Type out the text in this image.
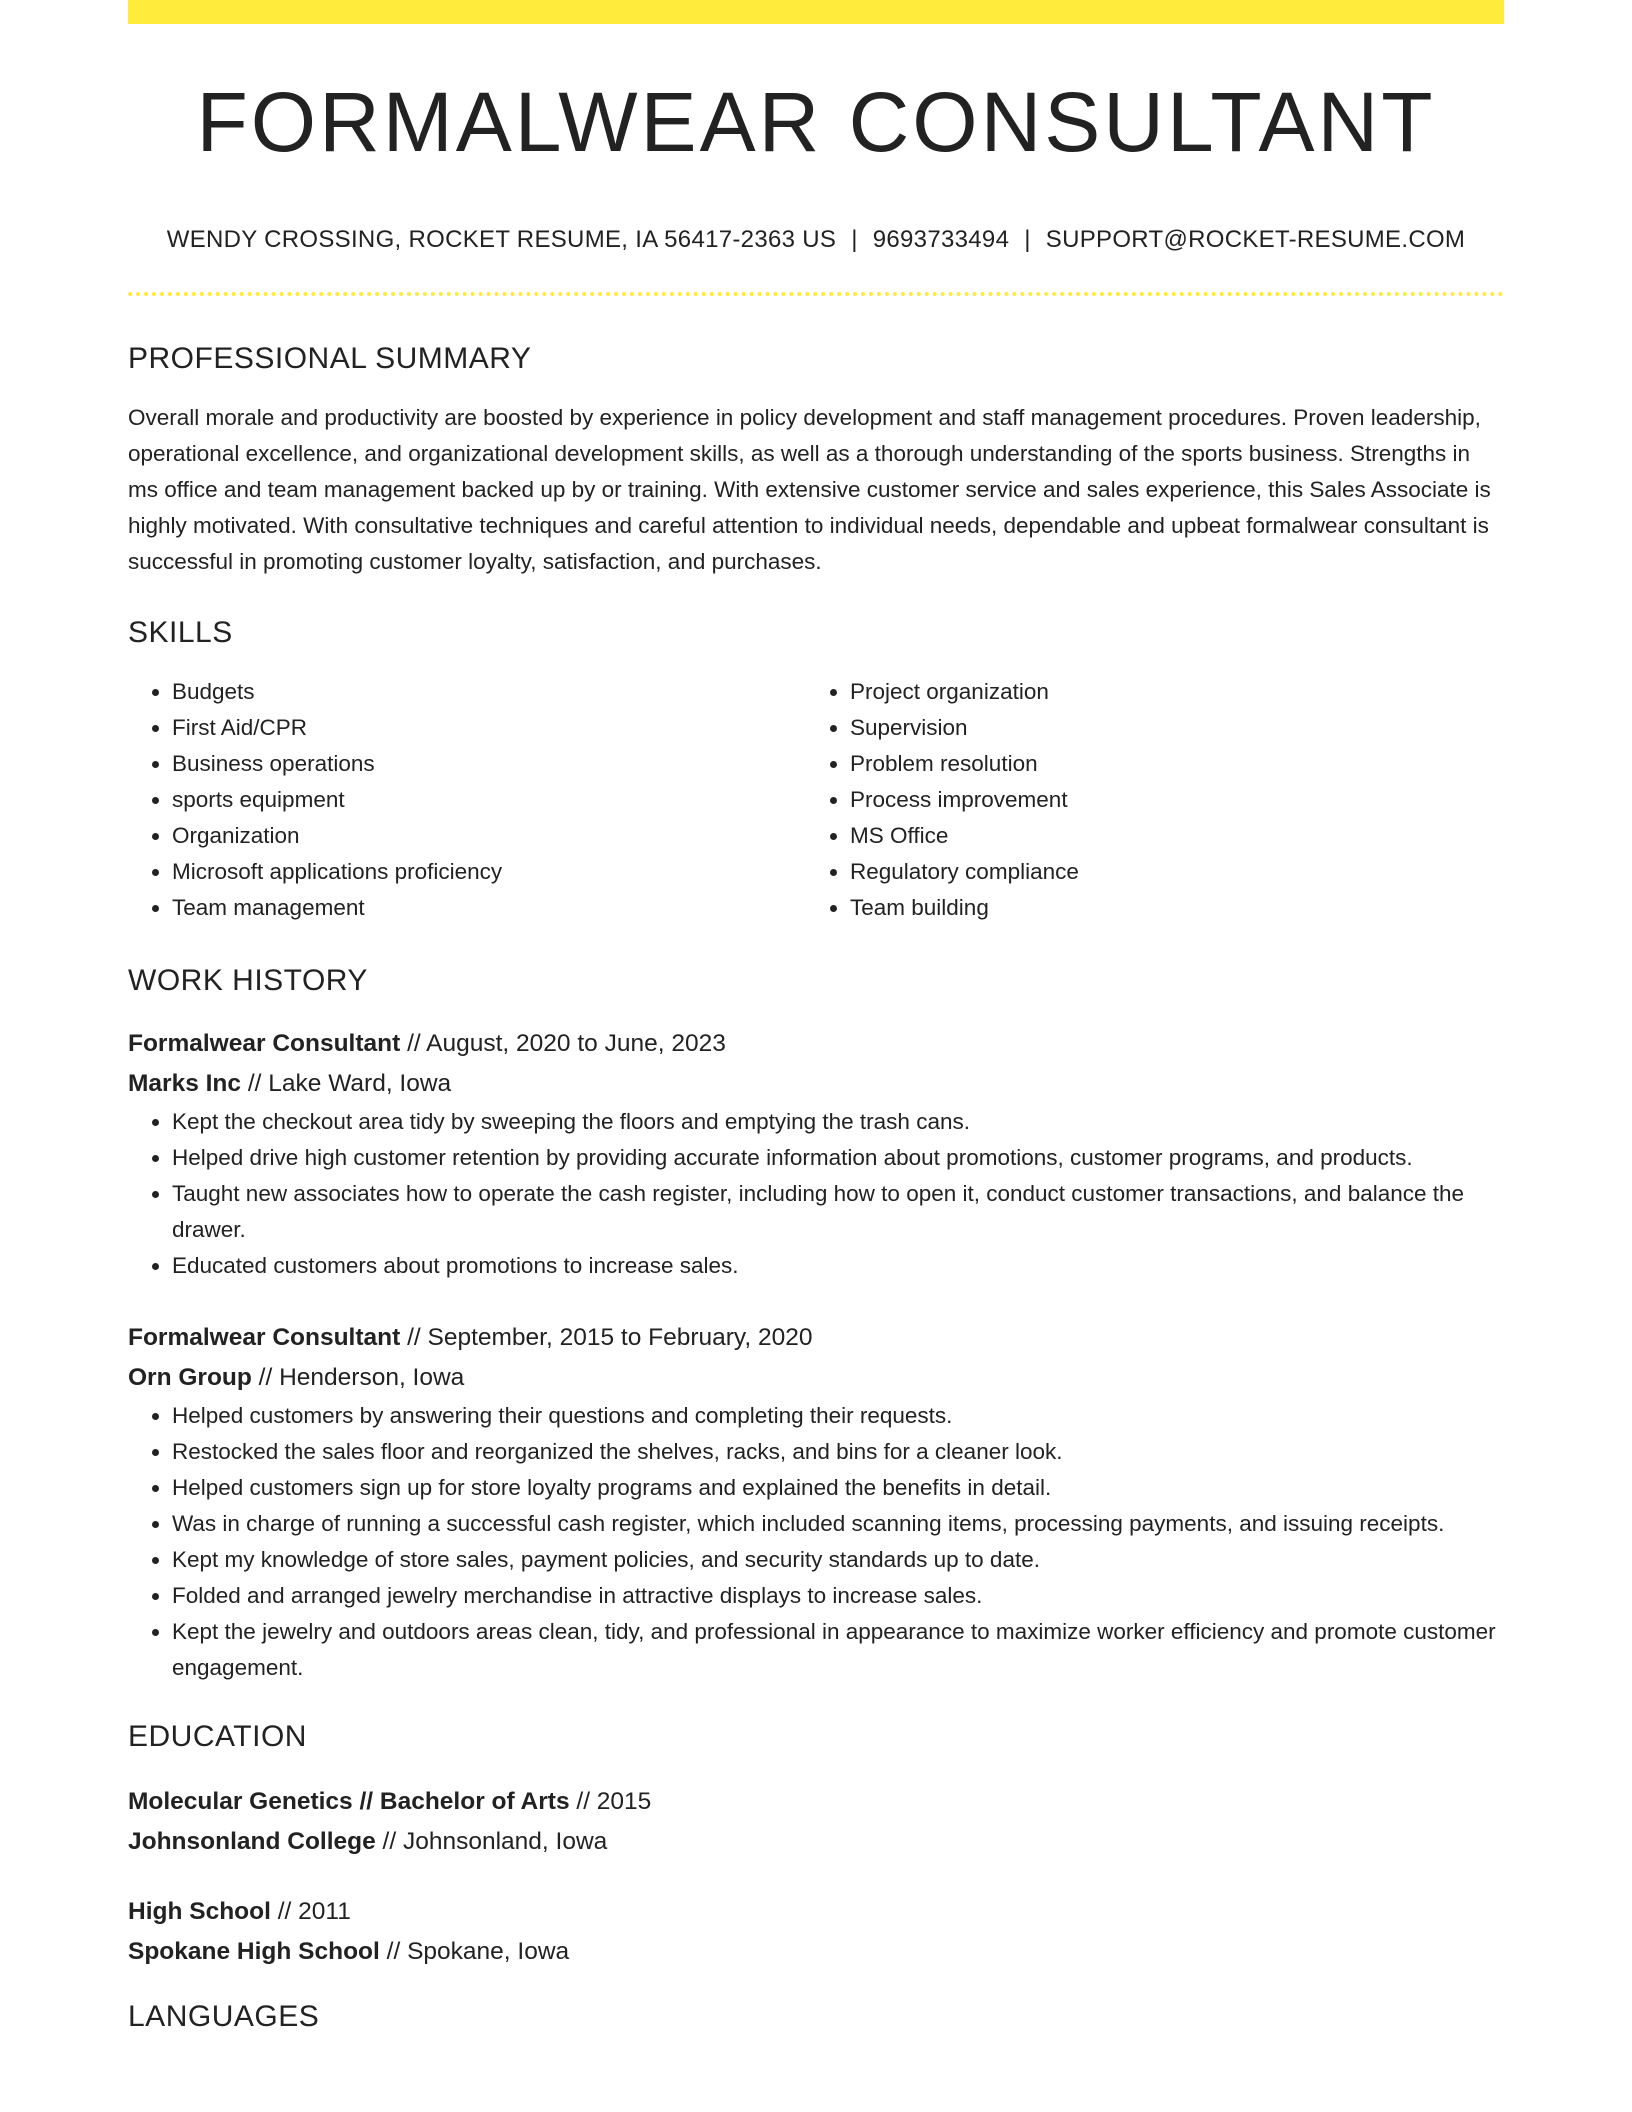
FORMALWEAR CONSULTANT
WENDY CROSSING, ROCKET RESUME, IA 56417-2363 US | 9693733494 | SUPPORT@ROCKET-RESUME.COM
PROFESSIONAL SUMMARY

Overall morale and productivity are boosted by experience in policy development and staff management procedures. Proven leadership, operational excellence, and organizational development skills, as well as a thorough understanding of the sports business. Strengths in ms office and team management backed up by or training. With extensive customer service and sales experience, this Sales Associate is highly motivated. With consultative techniques and careful attention to individual needs, dependable and upbeat formalwear consultant is successful in promoting customer loyalty, satisfaction, and purchases.

SKILLS
• Budgets
• First Aid/CPR
• Business operations
• sports equipment
• Organization
• Microsoft applications proficiency
• Team management
• Project organization
• Supervision
• Problem resolution
• Process improvement
• MS Office
• Regulatory compliance
• Team building
WORK HISTORY
Formalwear Consultant // August, 2020 to June, 2023
Marks Inc // Lake Ward, Iowa
• Kept the checkout area tidy by sweeping the floors and emptying the trash cans.
• Helped drive high customer retention by providing accurate information about promotions, customer programs, and products.
• Taught new associates how to operate the cash register, including how to open it, conduct customer transactions, and balance the drawer.
• Educated customers about promotions to increase sales.
Formalwear Consultant // September, 2015 to February, 2020
Orn Group // Henderson, Iowa
• Helped customers by answering their questions and completing their requests.
• Restocked the sales floor and reorganized the shelves, racks, and bins for a cleaner look.
• Helped customers sign up for store loyalty programs and explained the benefits in detail.
• Was in charge of running a successful cash register, which included scanning items, processing payments, and issuing receipts.
• Kept my knowledge of store sales, payment policies, and security standards up to date.
• Folded and arranged jewelry merchandise in attractive displays to increase sales.
• Kept the jewelry and outdoors areas clean, tidy, and professional in appearance to maximize worker efficiency and promote customer engagement.
EDUCATION
Molecular Genetics // Bachelor of Arts // 2015
Johnsonland College // Johnsonland, Iowa
High School // 2011
Spokane High School // Spokane, Iowa
LANGUAGES
